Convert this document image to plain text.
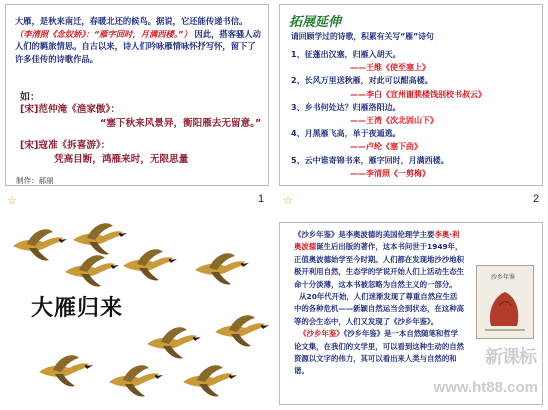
大雁，是秋来南迁，春暖北还的候鸟。据说，它还能传递书信。 （李清照《念奴娇》：“雁字回时，月满西楼。”） 因此，搭客骚人动人们的羁旅情思。自古以来，诗人们吟咏雁情咏怀抒写怀，留下了许多佳传的诗歌作品。
如：
[宋]范仲淹《渔家傲》：
“塞下秋来风景异，衡阳雁去无留意。”
[宋]寇准《拆喜游》：
凭高目断，鸿雁来时，无限思量
制作：郝丽
☆	1
拓展延伸
请回顾学过的诗歌，积累有关写“雁”诗句
1、征蓬出汉塞，归雁入胡天。
——王维《使至塞上》
2、长风万里送秋雁，对此可以酣高楼。
——李白《宣州谢朓楼饯别校书叔云》
3、乡书何处达？归雁洛阳边。
——王湾《次北固山下》
4、月黑雁飞高，单于夜遁逃。
——卢纶《塞下曲》
5、云中谁寄锦书来，雁字回时，月满西楼。
——李清照《一剪梅》
☆	2
大雁归来
《沙乡年鉴》是李奥波德的美国伦理学主要李奥·利奥波德诞生后出版的著作，这本书问世于1949年，正值奥波德始学至今时期。人们都在发现地沙沙地积极开利用自然，生态学的学说开始人们上活动生态生命十分淡薄，这本书被忽略为自然主义的一部分。
从20年代开始，人们迷渐发现了尊重自然应生活中的各种危机——新颖自然运当会到状态，在这种高等的会生态中，人们又发现了《沙乡年鉴》。
《沙乡年鉴》《沙乡年鉴》是一本自然随笔和哲学论文集，在我们的文学里，可以看到这种生动的自然资源以文字的伟力，其可以看出来人类与自然的和谐。
沙乡年鉴
新课标
www.ht88.com
